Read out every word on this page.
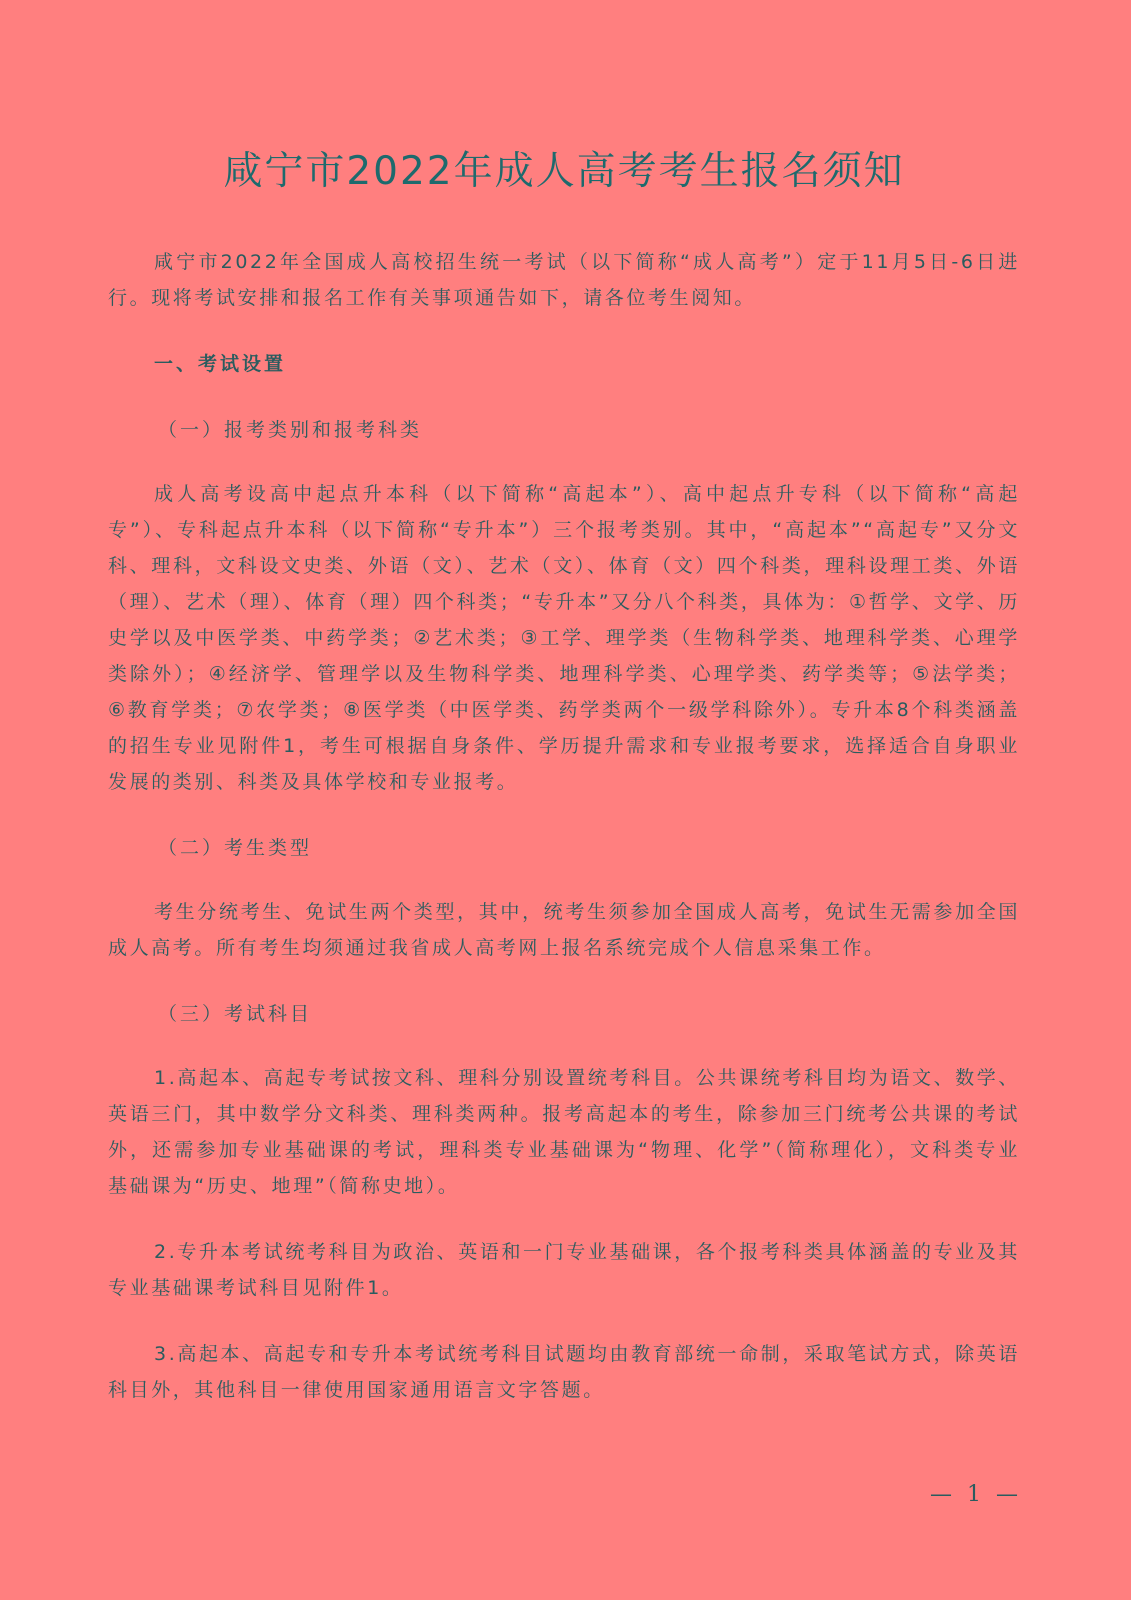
咸宁市2022年成人高考考生报名须知

咸宁市2022年全国成人高校招生统一考试（以下简称“成人高考”）定于11月5日-6日进行。现将考试安排和报名工作有关事项通告如下，请各位考生阅知。

一、考试设置
（一）报考类别和报考科类

成人高考设高中起点升本科（以下简称“高起本”）、高中起点升专科（以下简称“高起专”）、专科起点升本科（以下简称“专升本”）三个报考类别。其中，“高起本”“高起专”又分文科、理科，文科设文史类、外语（文）、艺术（文）、体育（文）四个科类，理科设理工类、外语（理）、艺术（理）、体育（理）四个科类；“专升本”又分八个科类，具体为：①哲学、文学、历史学以及中医学类、中药学类；②艺术类；③工学、理学类（生物科学类、地理科学类、心理学类除外）；④经济学、管理学以及生物科学类、地理科学类、心理学类、药学类等；⑤法学类；⑥教育学类；⑦农学类；⑧医学类（中医学类、药学类两个一级学科除外）。专升本8个科类涵盖的招生专业见附件1，考生可根据自身条件、学历提升需求和专业报考要求，选择适合自身职业发展的类别、科类及具体学校和专业报考。

（二）考生类型

考生分统考生、免试生两个类型，其中，统考生须参加全国成人高考，免试生无需参加全国成人高考。所有考生均须通过我省成人高考网上报名系统完成个人信息采集工作。

（三）考试科目

1.高起本、高起专考试按文科、理科分别设置统考科目。公共课统考科目均为语文、数学、英语三门，其中数学分文科类、理科类两种。报考高起本的考生，除参加三门统考公共课的考试外，还需参加专业基础课的考试，理科类专业基础课为“物理、化学”（简称理化），文科类专业基础课为“历史、地理”（简称史地）。

2.专升本考试统考科目为政治、英语和一门专业基础课，各个报考科类具体涵盖的专业及其专业基础课考试科目见附件1。

3.高起本、高起专和专升本考试统考科目试题均由教育部统一命制，采取笔试方式，除英语科目外，其他科目一律使用国家通用语言文字答题。

— 1 —
